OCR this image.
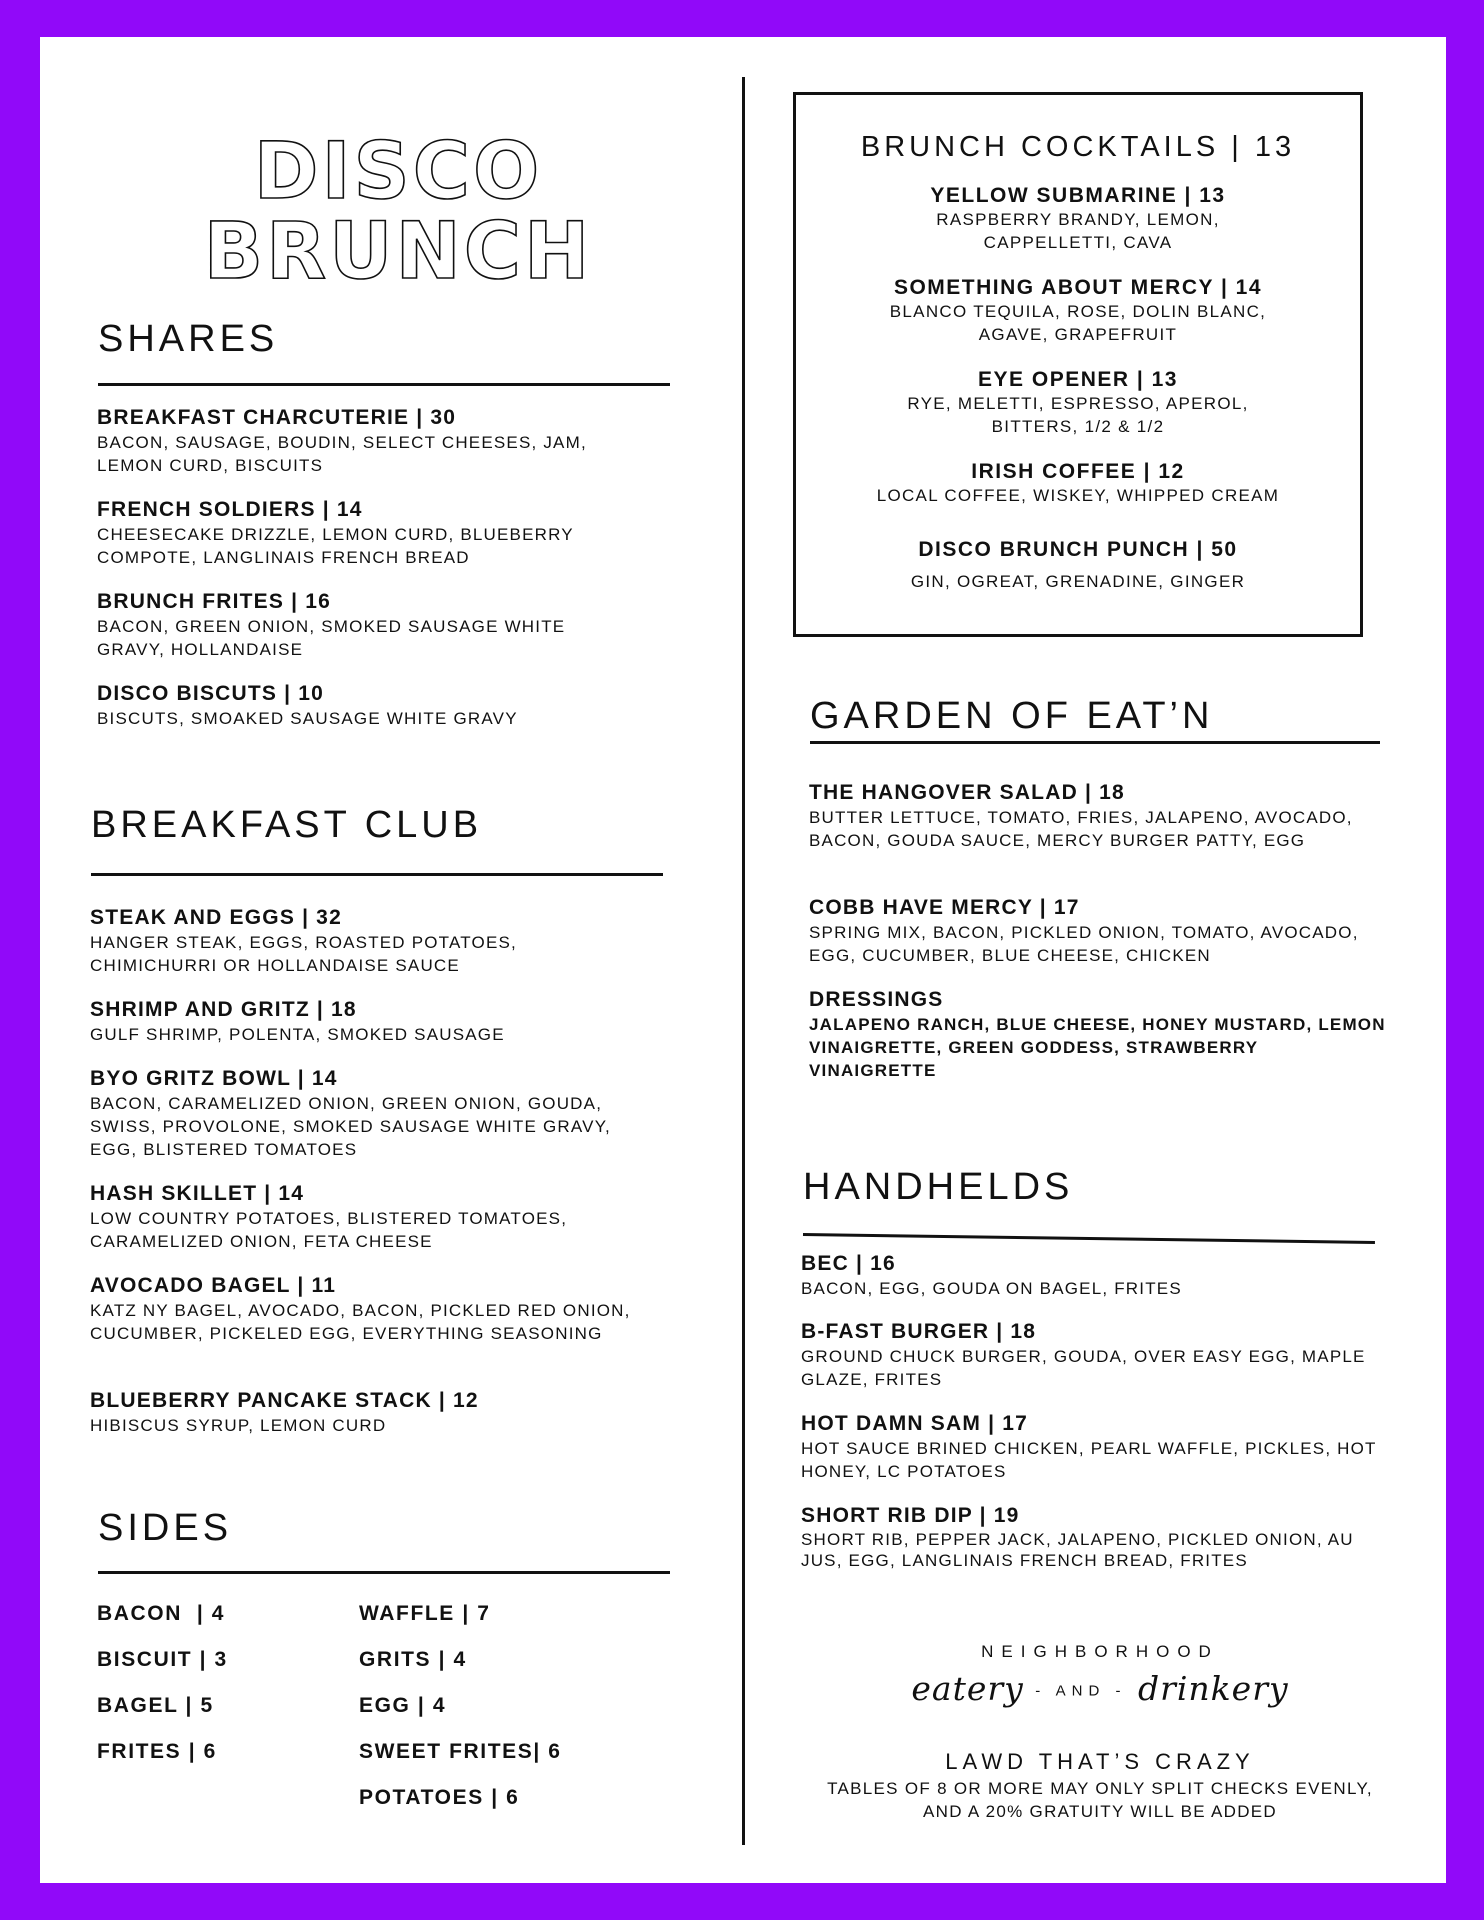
DISCO
BRUNCH
SHARES
BREAKFAST CHARCUTERIE | 30
BACON, SAUSAGE, BOUDIN, SELECT CHEESES, JAM, LEMON CURD, BISCUITS
FRENCH SOLDIERS | 14
CHEESECAKE DRIZZLE, LEMON CURD, BLUEBERRY COMPOTE, LANGLINAIS FRENCH BREAD
BRUNCH FRITES | 16
BACON, GREEN ONION, SMOKED SAUSAGE WHITE GRAVY, HOLLANDAISE
DISCO BISCUTS | 10
BISCUTS, SMOAKED SAUSAGE WHITE GRAVY
BREAKFAST CLUB
STEAK AND EGGS | 32
HANGER STEAK, EGGS, ROASTED POTATOES, CHIMICHURRI OR HOLLANDAISE SAUCE
SHRIMP AND GRITZ | 18
GULF SHRIMP, POLENTA, SMOKED SAUSAGE
BYO GRITZ BOWL | 14
BACON, CARAMELIZED ONION, GREEN ONION, GOUDA, SWISS, PROVOLONE, SMOKED SAUSAGE WHITE GRAVY, EGG, BLISTERED TOMATOES
HASH SKILLET | 14
LOW COUNTRY POTATOES, BLISTERED TOMATOES, CARAMELIZED ONION, FETA CHEESE
AVOCADO BAGEL | 11
KATZ NY BAGEL, AVOCADO, BACON, PICKLED RED ONION, CUCUMBER, PICKELED EGG, EVERYTHING SEASONING
BLUEBERRY PANCAKE STACK | 12
HIBISCUS SYRUP, LEMON CURD
SIDES
BACON  | 4
BISCUIT | 3
BAGEL | 5
FRITES | 6
WAFFLE | 7
GRITS | 4
EGG | 4
SWEET FRITES| 6
POTATOES | 6
BRUNCH COCKTAILS | 13
YELLOW SUBMARINE | 13
RASPBERRY BRANDY, LEMON,
CAPPELLETTI, CAVA
SOMETHING ABOUT MERCY | 14
BLANCO TEQUILA, ROSE, DOLIN BLANC,
AGAVE, GRAPEFRUIT
EYE OPENER | 13
RYE, MELETTI, ESPRESSO, APEROL,
BITTERS, 1/2 & 1/2
IRISH COFFEE | 12
LOCAL COFFEE, WISKEY, WHIPPED CREAM
DISCO BRUNCH PUNCH | 50
GIN, OGREAT, GRENADINE, GINGER
GARDEN OF EAT’N
THE HANGOVER SALAD | 18
BUTTER LETTUCE, TOMATO, FRIES, JALAPENO, AVOCADO, BACON, GOUDA SAUCE, MERCY BURGER PATTY, EGG
COBB HAVE MERCY | 17
SPRING MIX, BACON, PICKLED ONION, TOMATO, AVOCADO, EGG, CUCUMBER, BLUE CHEESE, CHICKEN
DRESSINGS
JALAPENO RANCH, BLUE CHEESE, HONEY MUSTARD, LEMON VINAIGRETTE, GREEN GODDESS, STRAWBERRY VINAIGRETTE
HANDHELDS
BEC | 16
BACON, EGG, GOUDA ON BAGEL, FRITES
B-FAST BURGER | 18
GROUND CHUCK BURGER, GOUDA, OVER EASY EGG, MAPLE GLAZE, FRITES
HOT DAMN SAM | 17
HOT SAUCE BRINED CHICKEN, PEARL WAFFLE, PICKLES, HOT HONEY, LC POTATOES
SHORT RIB DIP | 19
SHORT RIB, PEPPER JACK, JALAPENO, PICKLED ONION, AU JUS, EGG, LANGLINAIS FRENCH BREAD, FRITES
NEIGHBORHOOD
eatery - AND - drinkery
LAWD THAT’S CRAZY
TABLES OF 8 OR MORE MAY ONLY SPLIT CHECKS EVENLY,
AND A 20% GRATUITY WILL BE ADDED
